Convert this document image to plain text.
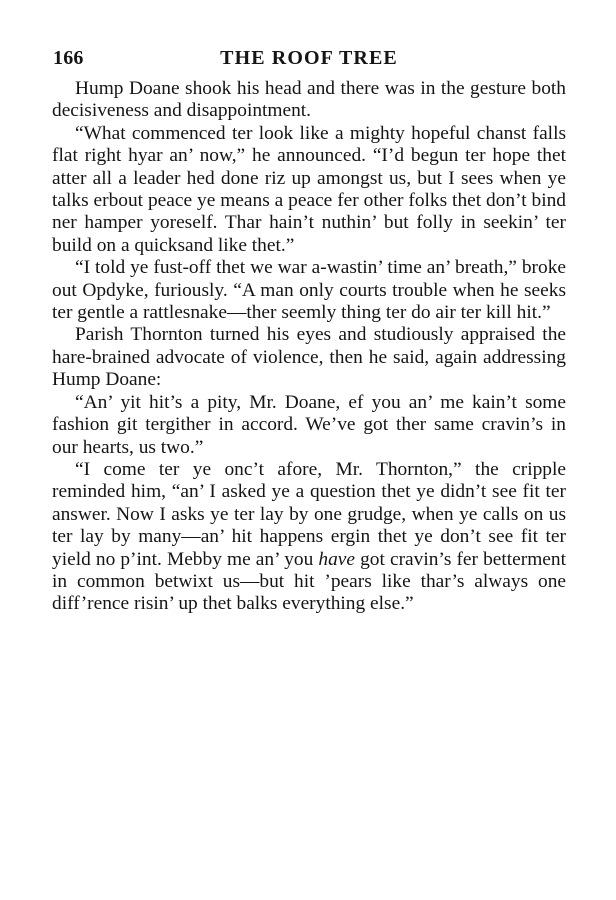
166	THE ROOF TREE

Hump Doane shook his head and there was in the gesture both decisiveness and disappointment.

“What commenced ter look like a mighty hopeful chanst falls flat right hyar an’ now,” he announced. “I’d begun ter hope thet atter all a leader hed done riz up amongst us, but I sees when ye talks erbout peace ye means a peace fer other folks thet don’t bind ner hamper yoreself. Thar hain’t nuthin’ but folly in seekin’ ter build on a quicksand like thet.”

“I told ye fust-off thet we war a-wastin’ time an’ breath,” broke out Opdyke, furiously. “A man only courts trouble when he seeks ter gentle a rattlesnake—ther seemly thing ter do air ter kill hit.”

Parish Thornton turned his eyes and studiously appraised the hare-brained advocate of violence, then he said, again addressing Hump Doane:

“An’ yit hit’s a pity, Mr. Doane, ef you an’ me kain’t some fashion git tergither in accord. We’ve got ther same cravin’s in our hearts, us two.”

“I come ter ye onc’t afore, Mr. Thornton,” the cripple reminded him, “an’ I asked ye a question thet ye didn’t see fit ter answer. Now I asks ye ter lay by one grudge, when ye calls on us ter lay by many—an’ hit happens ergin thet ye don’t see fit ter yield no p’int. Mebby me an’ you have got cravin’s fer betterment in common betwixt us—but hit ’pears like thar’s always one diff’rence risin’ up thet balks everything else.”
